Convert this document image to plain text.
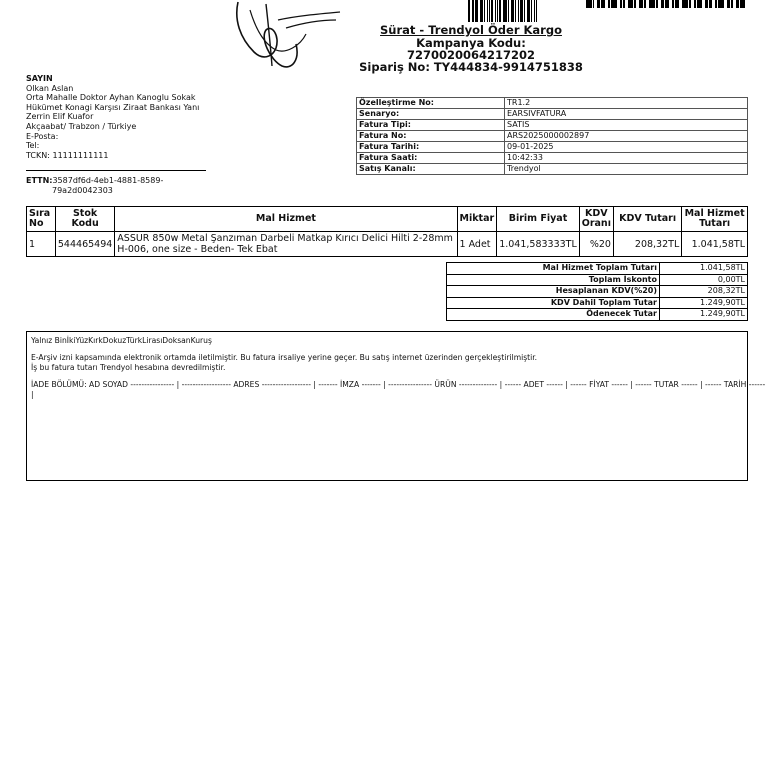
Sürat - Trendyol Öder Kargo
Kampanya Kodu:
7270020064217202
Sipariş No: TY444834-9914751838
SAYIN
Olkan Aslan
Orta Mahalle Doktor Ayhan Kanoglu Sokak
Hükümet Konagi Karşısı Ziraat Bankası Yanı
Zerrin Elif Kuafor
Akçaabat/ Trabzon / Türkiye
E-Posta:
Tel:
TCKN: 11111111111
ETTN:3587df6d-4eb1-4881-8589-
79a2d0042303
Özelleştirme No:	TR1.2
Senaryo:	EARSIVFATURA
Fatura Tipi:	SATIS
Fatura No:	ARS2025000002897
Fatura Tarihi:	09-01-2025
Fatura Saati:	10:42:33
Satış Kanalı:	Trendyol
Sıra No	Stok Kodu	Mal Hizmet	Miktar	Birim Fiyat	KDV Oranı	KDV Tutarı	Mal Hizmet Tutarı
1	544465494	ASSUR 850w Metal Şanzıman Darbeli Matkap Kırıcı Delici Hilti 2-28mm H-006, one size - Beden- Tek Ebat	1 Adet	1.041,583333TL	%20	208,32TL	1.041,58TL
Mal Hizmet Toplam Tutarı	1.041,58TL
Toplam İskonto	0,00TL
Hesaplanan KDV(%20)	208,32TL
KDV Dahil Toplam Tutar	1.249,90TL
Ödenecek Tutar	1.249,90TL

Yalnız BinİkiYüzKırkDokuzTürkLirasıDoksanKuruş

E-Arşiv izni kapsamında elektronik ortamda iletilmiştir. Bu fatura irsaliye yerine geçer. Bu satış internet üzerinden gerçekleştirilmiştir.

İş bu fatura tutarı Trendyol hesabına devredilmiştir.

İADE BÖLÜMÜ: AD SOYAD ---------------- | ------------------ ADRES ------------------ | ------- İMZA ------- | ---------------- ÜRÜN -------------- | ------ ADET ------ | ------ FİYAT ------ | ------ TUTAR ------ | ------ TARİH ------

|
